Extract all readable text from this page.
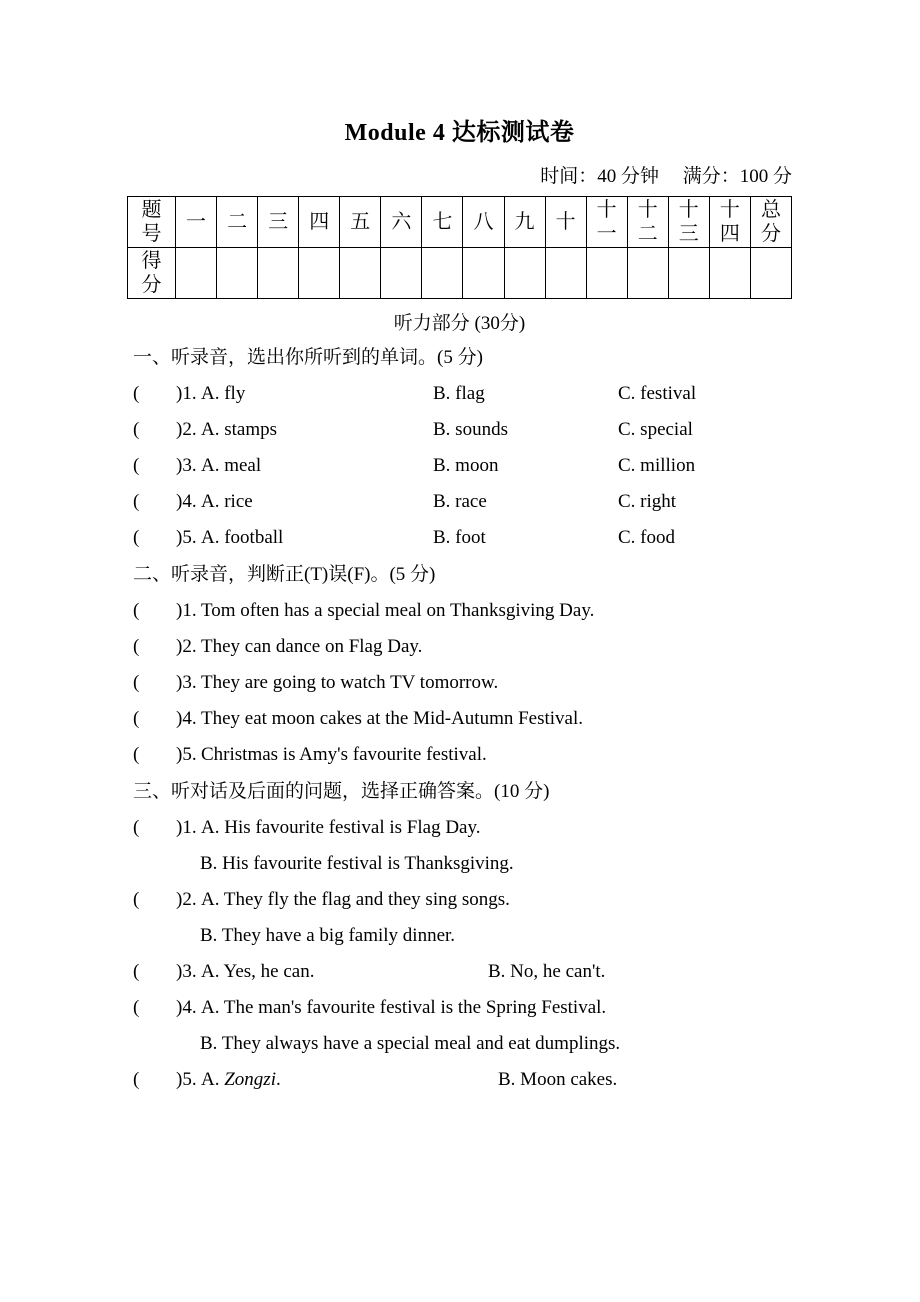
Module 4 达标测试卷
时间：40 分钟　 满分：100 分
题号	一	二	三	四	五	六	七	八	九	十	十一	十二	十三	十四	总分
得分															
听力部分 (30分)
一、听录音，选出你所听到的单词。(5 分)
(	)1. A. fly	B. flag	C. festival
(	)2. A. stamps	B. sounds	C. special
(	)3. A. meal	B. moon	C. million
(	)4. A. rice	B. race	C. right
(	)5. A. football	B. foot	C. food
二、听录音，判断正(T)误(F)。(5 分)
(	)1. Tom often has a special meal on Thanksgiving Day.
(	)2. They can dance on Flag Day.
(	)3. They are going to watch TV tomorrow.
(	)4. They eat moon cakes at the Mid-Autumn Festival.
(	)5. Christmas is Amy's favourite festival.
三、听对话及后面的问题，选择正确答案。(10 分)
(	)1. A. His favourite festival is Flag Day.
B. His favourite festival is Thanksgiving.
(	)2. A. They fly the flag and they sing songs.
B. They have a big family dinner.
(	)3. A. Yes, he can.	B. No, he can't.
(	)4. A. The man's favourite festival is the Spring Festival.
B. They always have a special meal and eat dumplings.
(	)5. A. Zongzi.	B. Moon cakes.
